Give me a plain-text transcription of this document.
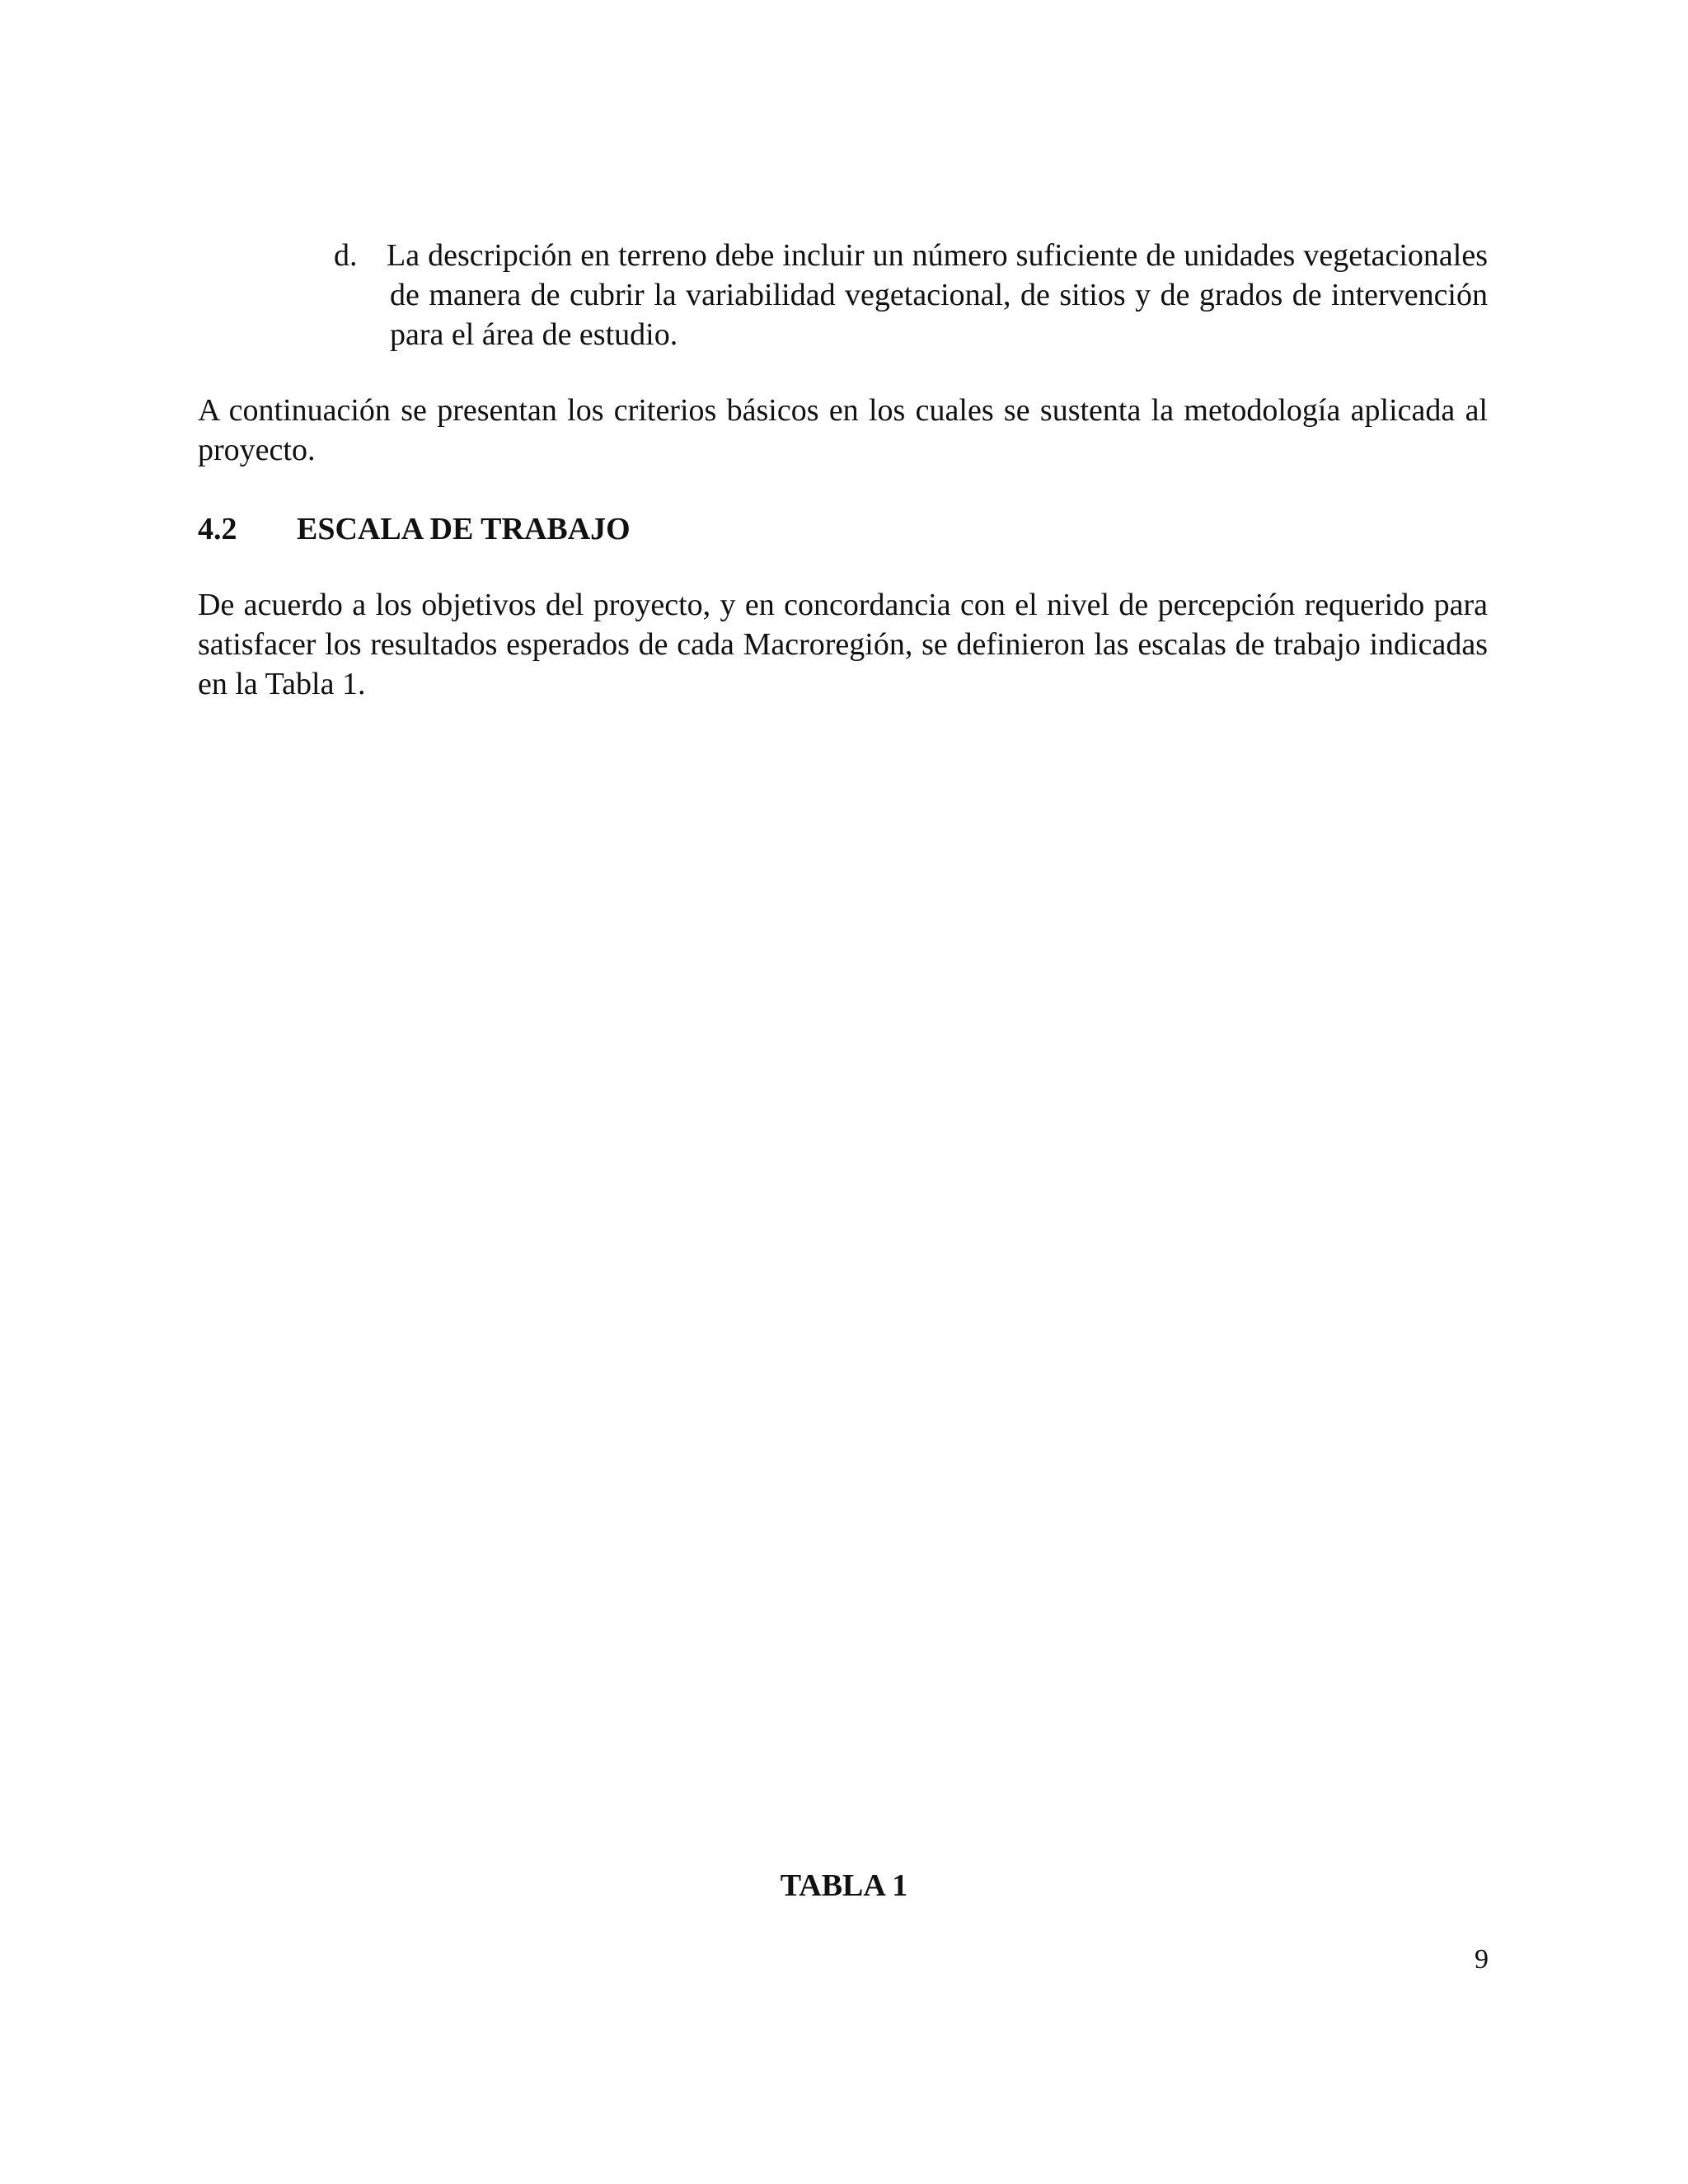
d. La descripción en terreno debe incluir un número suficiente de unidades vegetacionales de manera de cubrir la variabilidad vegetacional, de sitios y de grados de intervención para el área de estudio.

A continuación se presentan los criterios básicos en los cuales se sustenta la metodología aplicada al proyecto.

4.2 ESCALA DE TRABAJO

De acuerdo a los objetivos del proyecto, y en concordancia con el nivel de percepción requerido para satisfacer los resultados esperados de cada Macroregión, se definieron las escalas de trabajo indicadas en la Tabla 1.

TABLA 1
9
